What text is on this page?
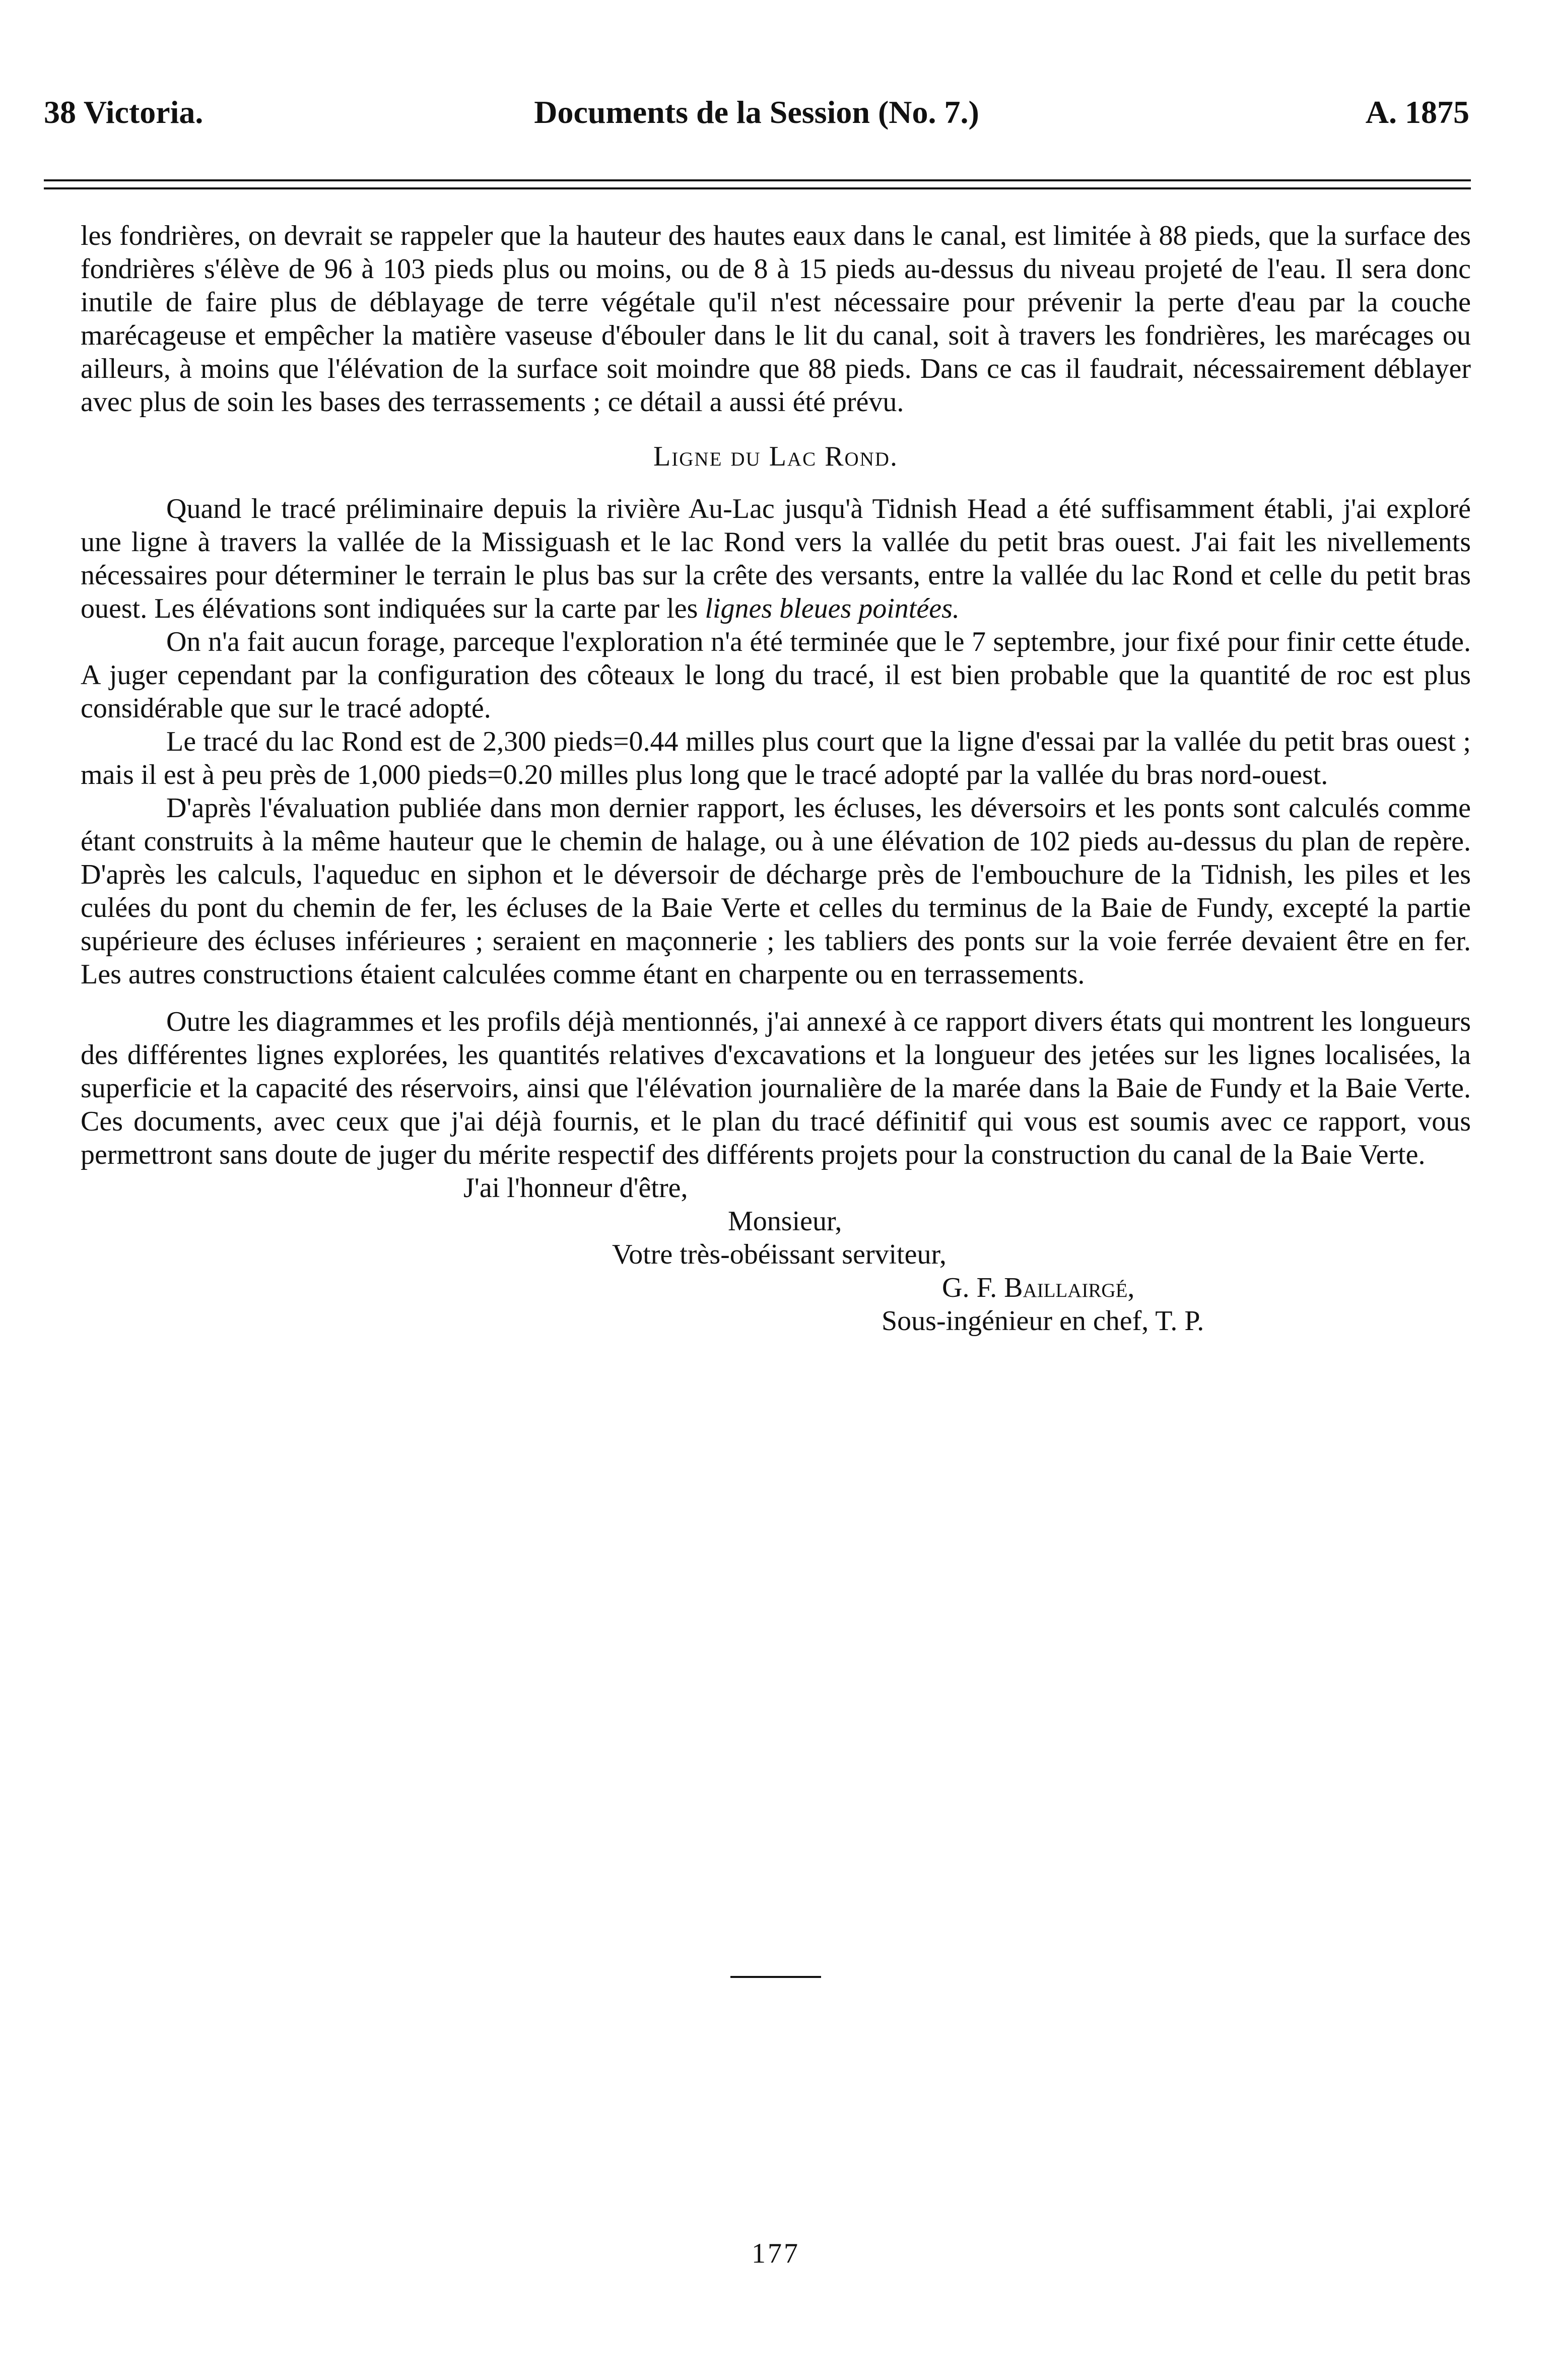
38 Victoria.	Documents de la Session (No. 7.)	A. 1875

les fondrières, on devrait se rappeler que la hauteur des hautes eaux dans le canal, est limitée à 88 pieds, que la surface des fondrières s'élève de 96 à 103 pieds plus ou moins, ou de 8 à 15 pieds au-dessus du niveau projeté de l'eau. Il sera donc inutile de faire plus de déblayage de terre végétale qu'il n'est nécessaire pour prévenir la perte d'eau par la couche marécageuse et empêcher la matière vaseuse d'ébouler dans le lit du canal, soit à travers les fondrières, les marécages ou ailleurs, à moins que l'élévation de la surface soit moindre que 88 pieds. Dans ce cas il faudrait, nécessairement déblayer avec plus de soin les bases des terrassements ; ce détail a aussi été prévu.

Ligne du Lac Rond.

Quand le tracé préliminaire depuis la rivière Au-Lac jusqu'à Tidnish Head a été suffisamment établi, j'ai exploré une ligne à travers la vallée de la Missiguash et le lac Rond vers la vallée du petit bras ouest. J'ai fait les nivellements nécessaires pour déterminer le terrain le plus bas sur la crête des versants, entre la vallée du lac Rond et celle du petit bras ouest. Les élévations sont indiquées sur la carte par les lignes bleues pointées.

On n'a fait aucun forage, parceque l'exploration n'a été terminée que le 7 septembre, jour fixé pour finir cette étude. A juger cependant par la configuration des côteaux le long du tracé, il est bien probable que la quantité de roc est plus considérable que sur le tracé adopté.

Le tracé du lac Rond est de 2,300 pieds=0.44 milles plus court que la ligne d'essai par la vallée du petit bras ouest ; mais il est à peu près de 1,000 pieds=0.20 milles plus long que le tracé adopté par la vallée du bras nord-ouest.

D'après l'évaluation publiée dans mon dernier rapport, les écluses, les déversoirs et les ponts sont calculés comme étant construits à la même hauteur que le chemin de halage, ou à une élévation de 102 pieds au-dessus du plan de repère. D'après les calculs, l'aqueduc en siphon et le déversoir de décharge près de l'embouchure de la Tidnish, les piles et les culées du pont du chemin de fer, les écluses de la Baie Verte et celles du terminus de la Baie de Fundy, excepté la partie supérieure des écluses inférieures ; seraient en maçonnerie ; les tabliers des ponts sur la voie ferrée devaient être en fer. Les autres constructions étaient calculées comme étant en charpente ou en terrassements.

Outre les diagrammes et les profils déjà mentionnés, j'ai annexé à ce rapport divers états qui montrent les longueurs des différentes lignes explorées, les quantités relatives d'excavations et la longueur des jetées sur les lignes localisées, la superficie et la capacité des réservoirs, ainsi que l'élévation journalière de la marée dans la Baie de Fundy et la Baie Verte. Ces documents, avec ceux que j'ai déjà fournis, et le plan du tracé définitif qui vous est soumis avec ce rapport, vous permettront sans doute de juger du mérite respectif des différents projets pour la construction du canal de la Baie Verte.

J'ai l'honneur d'être,
Monsieur,
Votre très-obéissant serviteur,
G. F. Baillairgé,
Sous-ingénieur en chef, T. P.
177
